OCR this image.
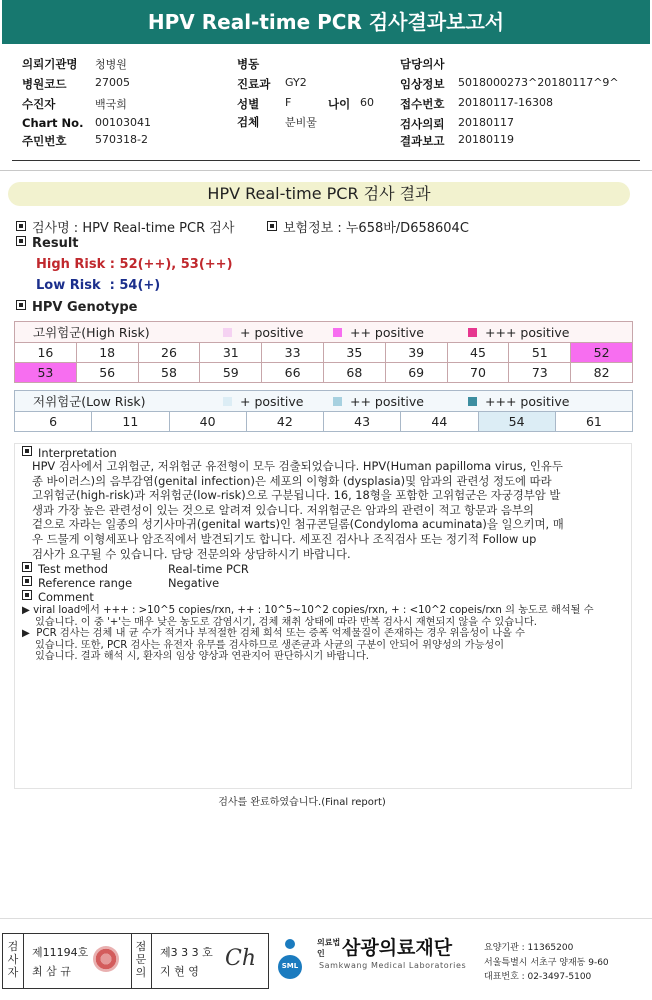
HPV Real-time PCR 검사결과보고서
의뢰기관명 청병원
병원코드	27005
수진자	백국희
Chart No. 00103041
주민번호	570318-2
병동
진료과 GY2
성별 F	나이 60
검체 분비물
담당의사
임상정보 5018000273^20180117^9^
접수번호 20180117-16308
검사의뢰 20180117
결과보고 20180119
HPV Real-time PCR 검사 결과
검사명 : HPV Real-time PCR 검사	보험정보 : 누658바/D658604C
Result
High Risk : 52(++), 53(++)
Low Risk  : 54(+)
HPV Genotype
고위험군(High Risk) + positive ++ positive +++ positive									

16	18	26	31	33	35	39	45	51	52
53	56	58	59	66	68	69	70	73	82
저위험군(Low Risk)	+ positive	++ positive	+++ positive

6	11	40	42	43	44	54	61
Interpretation
HPV 검사에서 고위험군, 저위험군 유전형이 모두 검출되었습니다. HPV(Human papilloma virus, 인유두
종 바이러스)의 음부감염(genital infection)은 세포의 이형화 (dysplasia)및 암과의 관련성 정도에 따라
고위험군(high-risk)과 저위험군(low-risk)으로 구분됩니다. 16, 18형을 포함한 고위험군은 자궁경부암 발
생과 가장 높은 관련성이 있는 것으로 알려져 있습니다. 저위험군은 암과의 관련이 적고 항문과 음부의
겉으로 자라는 일종의 성기사마귀(genital warts)인 첨규콘딜롬(Condyloma acuminata)을 일으키며, 매
우 드물게 이형세포나 암조직에서 발견되기도 합니다. 세포진 검사나 조직검사 또는 정기적 Follow up
검사가 요구될 수 있습니다. 담당 전문의와 상담하시기 바랍니다.
Test method	Real-time PCR
Reference range	Negative
Comment
▶ viral load에서 +++ : >10^5 copies/rxn, ++ : 10^5~10^2 copies/rxn, + : <10^2 copeis/rxn 의 농도로 해석될 수
있습니다. 이 중 '+'는 매우 낮은 농도로 감염시기, 검체 채취 상태에 따라 반복 검사시 재현되지 않을 수 있습니다.
▶  PCR 검사는 검체 내 균 수가 적거나 부적절한 검체 희석 또는 증폭 억제물질이 존재하는 경우 위음성이 나올 수
있습니다. 또한, PCR 검사는 유전자 유무를 검사하므로 생존균과 사균의 구분이 안되어 위양성의 가능성이
있습니다. 결과 해석 시, 환자의 임상 양상과 연관지어 판단하시기 바랍니다.
검사를 완료하였습니다.(Final report)
검사자
제11194호
최 삼 규
점문의
제3 3 3 호
지 현 영
Ch	SML
의료법인 삼광의료재단
Samkwang Medical Laboratories
요양기관 : 11365200
서울특별시 서초구 양재동 9-60
대표번호 : 02-3497-5100
